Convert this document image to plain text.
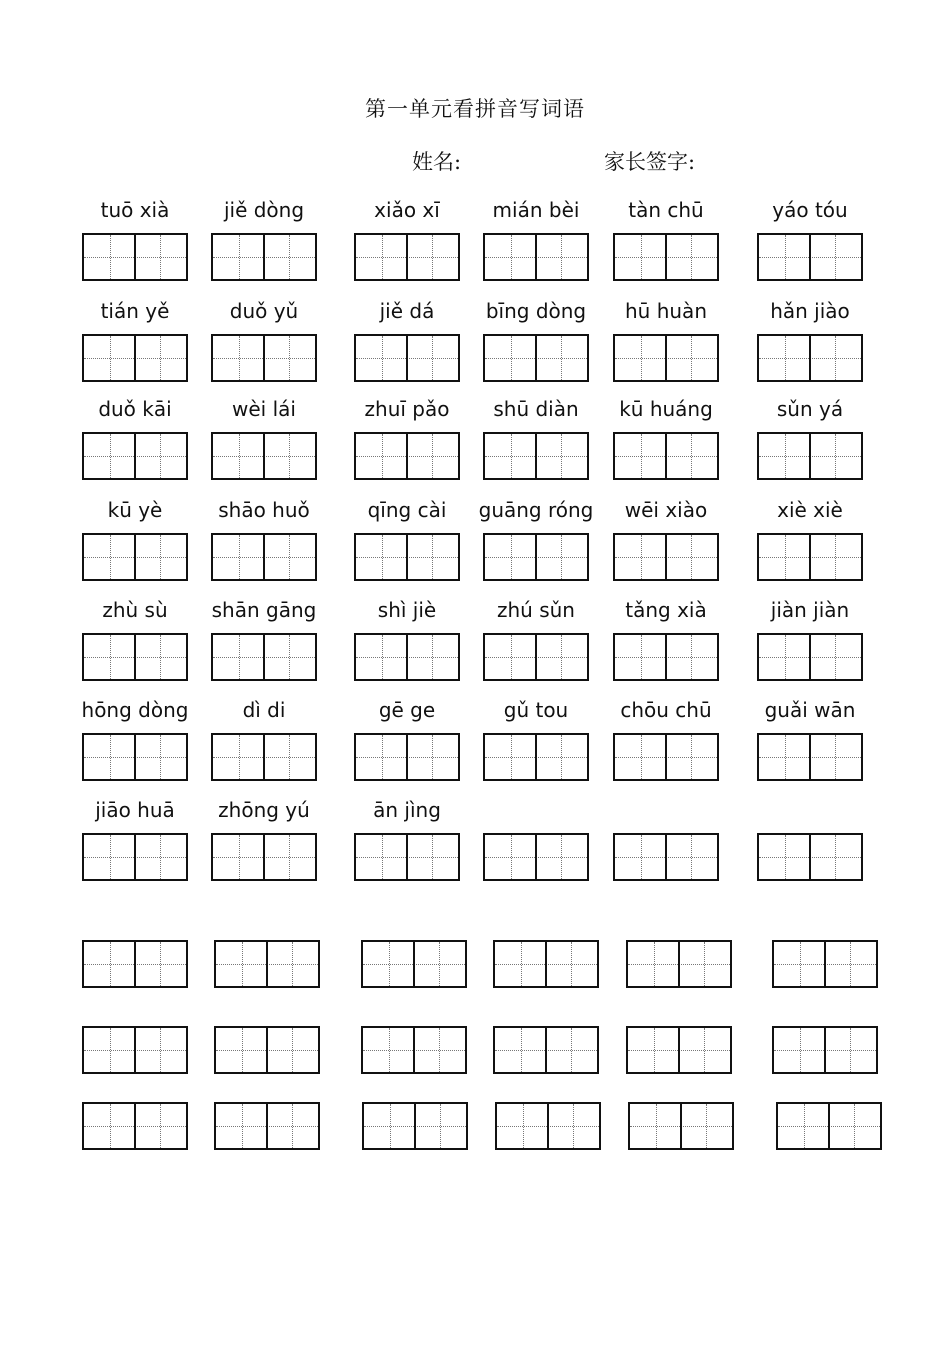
第一单元看拼音写词语
姓名:	家长签字:
tuō xià	jiě dòng	xiǎo xī	mián bèi	tàn chū	yáo tóu
tián yě	duǒ yǔ	jiě dá	bīng dòng	hū huàn	hǎn jiào
duǒ kāi	wèi lái	zhuī pǎo	shū diàn	kū huáng	sǔn yá
kū yè	shāo huǒ	qīng cài	guāng róng	wēi xiào	xiè xiè
zhù sù	shān gāng	shì jiè	zhú sǔn	tǎng xià	jiàn jiàn
hōng dòng	dì di	gē ge	gǔ tou	chōu chū	guǎi wān
jiāo huā	zhōng yú	ān jìng
